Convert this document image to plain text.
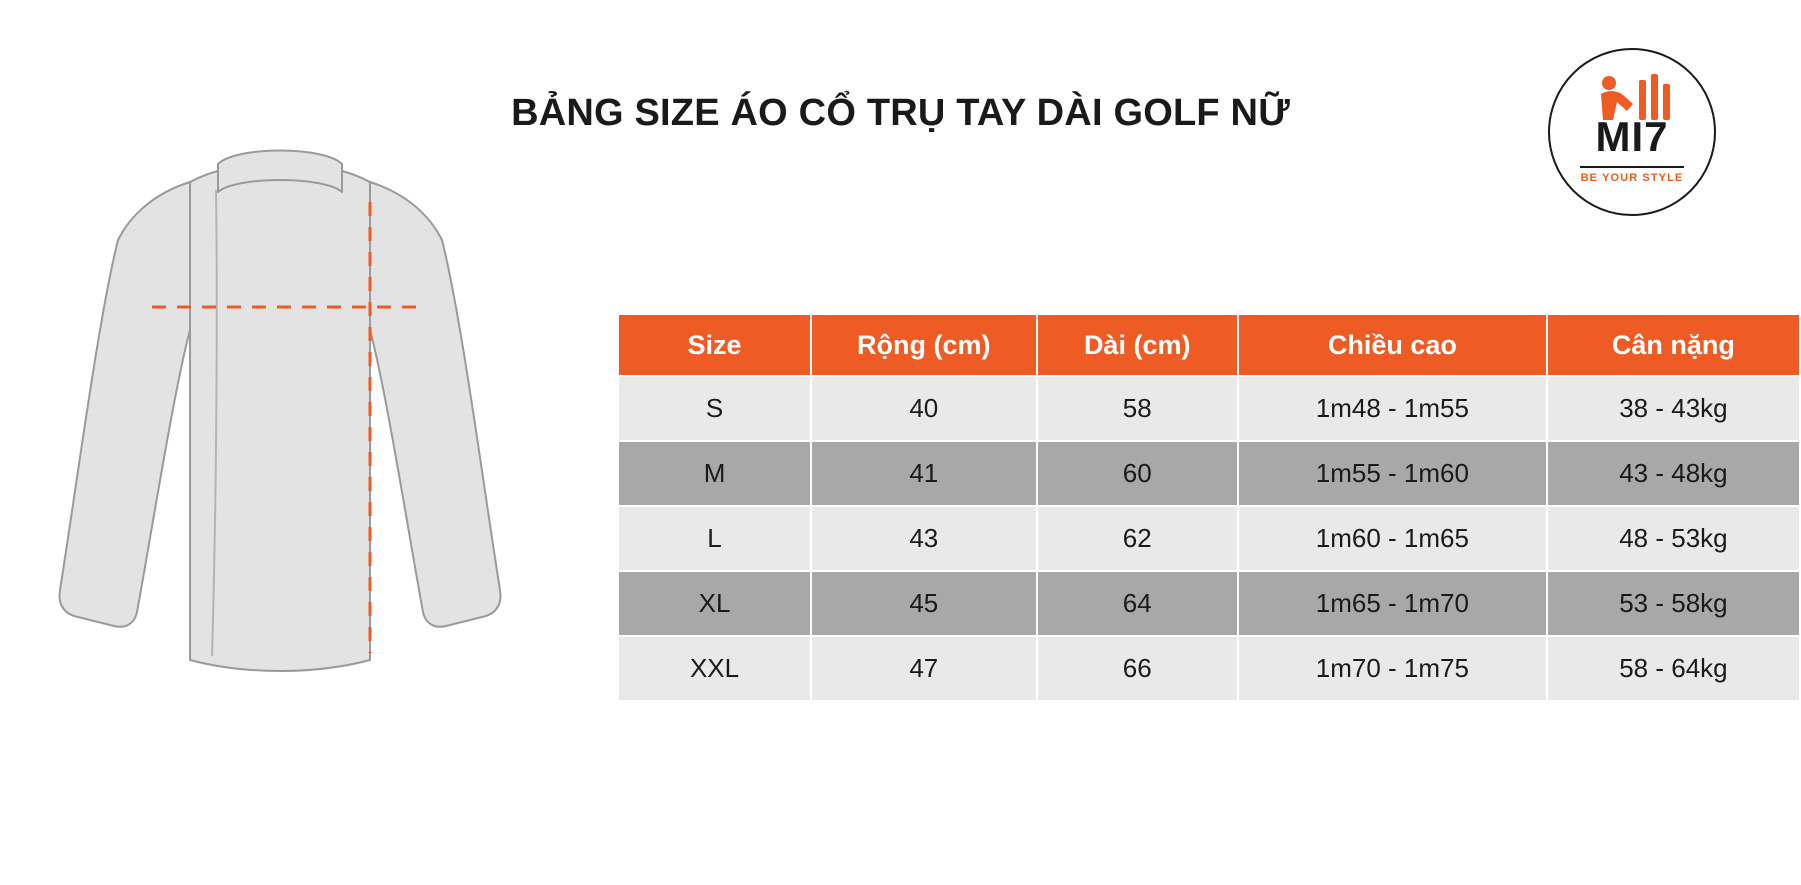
BẢNG SIZE ÁO CỔ TRỤ TAY DÀI GOLF NỮ	MI7
BE YOUR STYLE
Size	Rộng (cm)	Dài (cm)	Chiều cao	Cân nặng
S	40	58	1m48 - 1m55	38 - 43kg
M	41	60	1m55 - 1m60	43 - 48kg
L	43	62	1m60 - 1m65	48 - 53kg
XL	45	64	1m65 - 1m70	53 - 58kg
XXL	47	66	1m70 - 1m75	58 - 64kg
